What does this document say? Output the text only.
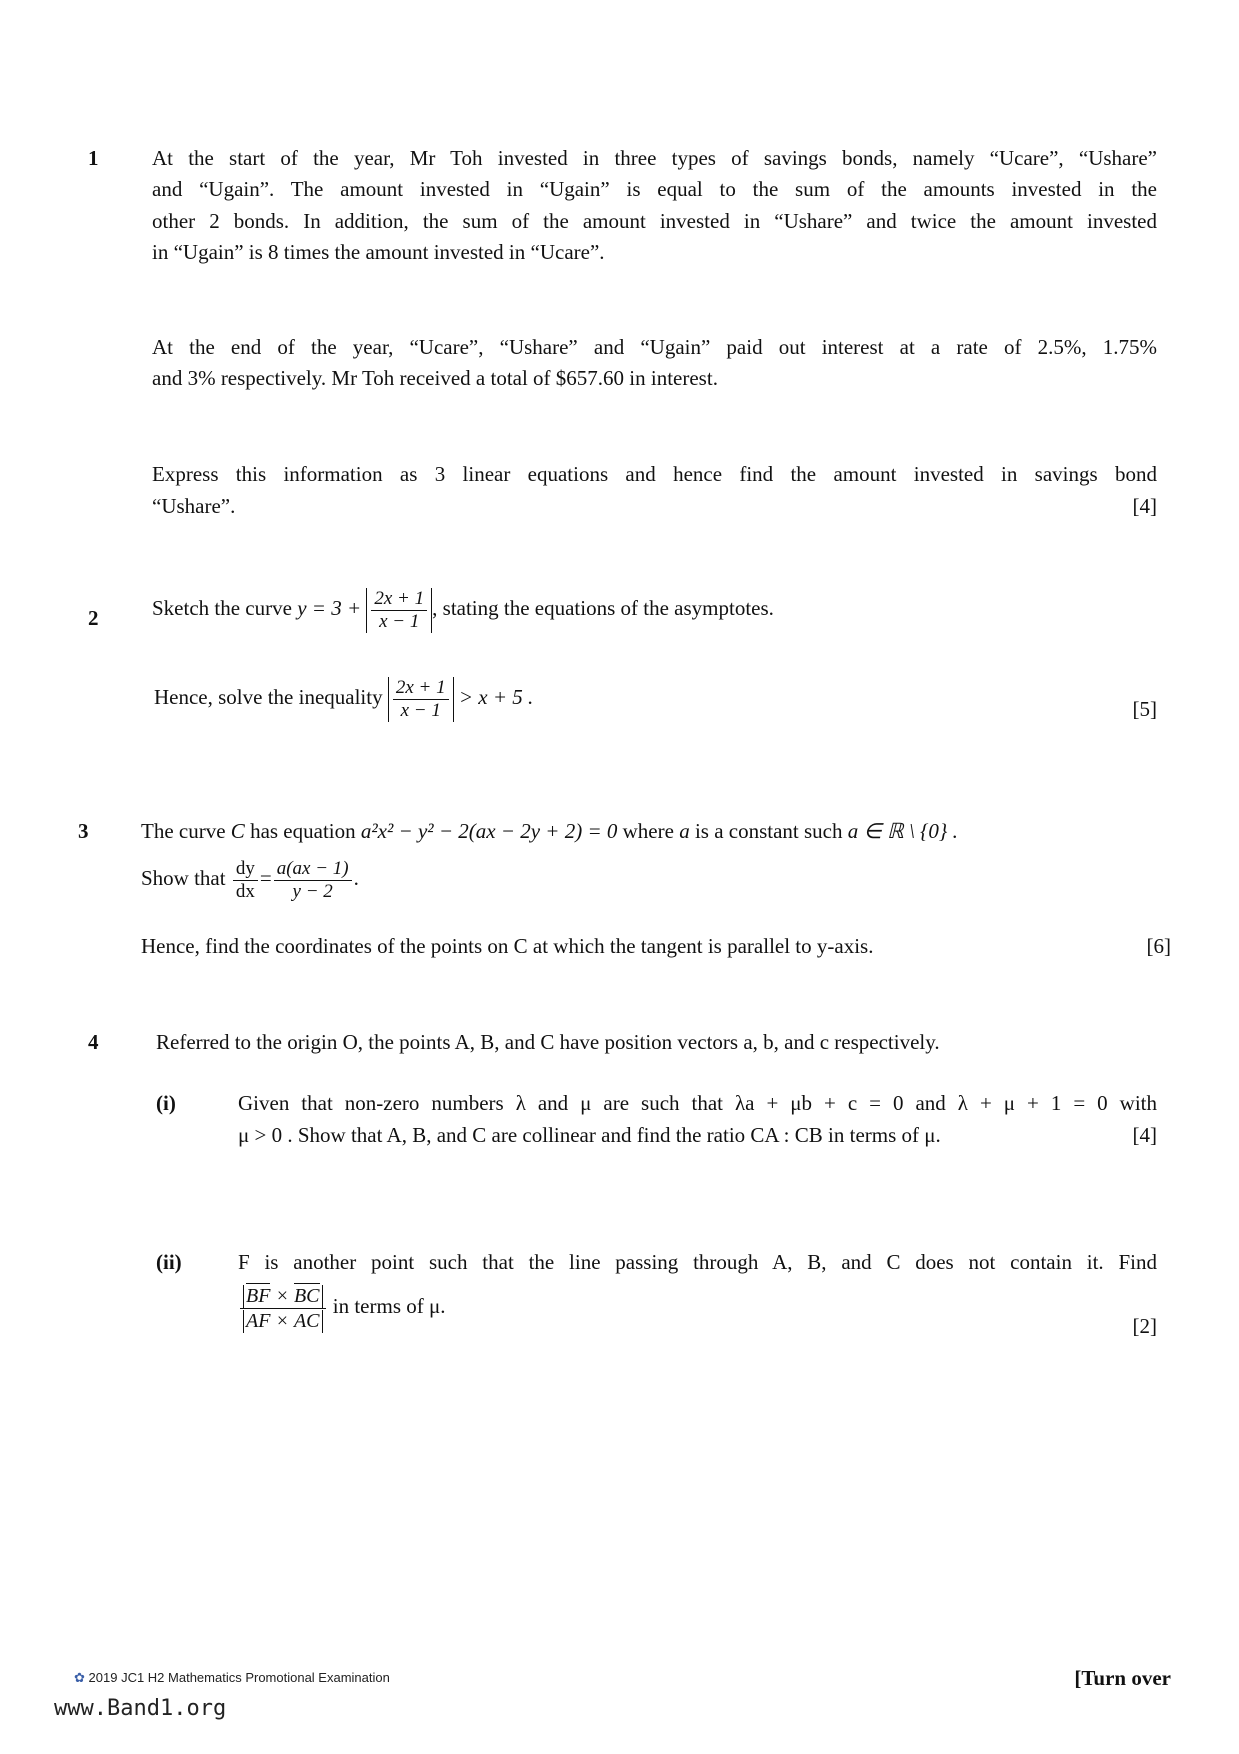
1	At the start of the year, Mr Toh invested in three types of savings bonds, namely “Ucare”, “Ushare”
and “Ugain”. The amount invested in “Ugain” is equal to the sum of the amounts invested in the
other 2 bonds. In addition, the sum of the amount invested in “Ushare” and twice the amount invested
in “Ugain” is 8 times the amount invested in “Ucare”.
At the end of the year, “Ucare”, “Ushare” and “Ugain” paid out interest at a rate of 2.5%, 1.75%
and 3% respectively. Mr Toh received a total of $657.60 in interest.
Express this information as 3 linear equations and hence find the amount invested in savings bond
“Ushare”.	[4]
2	Sketch the curve $y = 3 + \frac{2x + 1}{x - 1}$ , stating the equations of the asymptotes.
Hence, solve the inequality $\frac{2x + 1}{x - 1} > x + 5$ .	[5]
3	The curve C has equation a²x² − y² − 2(ax − 2y + 2) = 0 where a is a constant such a ∈ ℝ \ {0} .
Show that $\frac{dy}{dx} = \frac{a(ax - 1)}{y - 2}$ .
Hence, find the coordinates of the points on C at which the tangent is parallel to y-axis.	[6]
4	Referred to the origin O, the points A, B, and C have position vectors a, b, and c respectively.
(i)	Given that non-zero numbers λ and μ are such that λa + μb + c = 0 and λ + μ + 1 = 0 with
μ > 0 . Show that A, B, and C are collinear and find the ratio CA : CB in terms of μ.	[4]
(ii)	F is another point such that the line passing through A, B, and C does not contain it. Find
$\frac{BF \times BC}{AF \times AC}$ in terms of μ.
[2]
✿ 2019 JC1 H2 Mathematics Promotional Examination	[Turn over
www.Band1.org
